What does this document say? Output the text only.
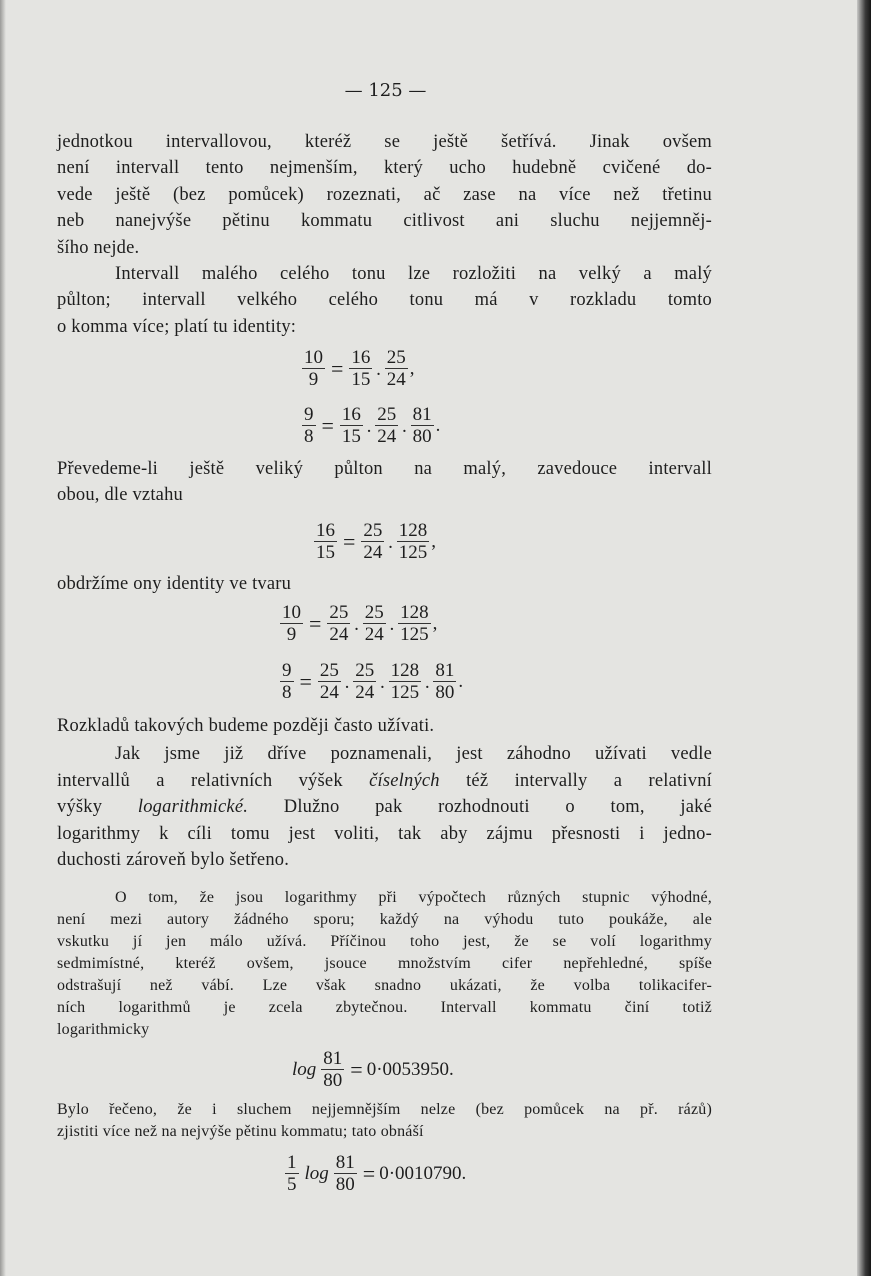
— 125 —
jednotkou intervallovou, kteréž se ještě šetřívá. Jinak ovšem
není intervall tento nejmenším, který ucho hudebně cvičené do-
vede ještě (bez pomůcek) rozeznati, ač zase na více než třetinu
neb nanejvýše pětinu kommatu citlivost ani sluchu nejjemněj-
šího nejde.
Intervall malého celého tonu lze rozložiti na velký a malý
půlton; intervall velkého celého tonu má v rozkladu tomto
o komma více; platí tu identity:
$\frac{10}{9} = \frac{16}{15} \cdot \frac{25}{24}$ ,
$\frac{9}{8} = \frac{16}{15} \cdot \frac{25}{24} \cdot \frac{81}{80}$ .
Převedeme-li ještě veliký půlton na malý, zavedouce intervall
obou, dle vztahu
$\frac{16}{15} = \frac{25}{24} \cdot \frac{128}{125}$ ,
obdržíme ony identity ve tvaru
$\frac{10}{9} = \frac{25}{24} \cdot \frac{25}{24} \cdot \frac{128}{125}$ ,
$\frac{9}{8} = \frac{25}{24} \cdot \frac{25}{24} \cdot \frac{128}{125} \cdot \frac{81}{80}$ .
Rozkladů takových budeme později často užívati.
Jak jsme již dříve poznamenali, jest záhodno užívati vedle
intervallů a relativních výšek číselných též intervally a relativní
výšky logarithmické. Dlužno pak rozhodnouti o tom, jaké
logarithmy k cíli tomu jest voliti, tak aby zájmu přesnosti i jedno-
duchosti zároveň bylo šetřeno.
O tom, že jsou logarithmy při výpočtech různých stupnic výhodné,
není mezi autory žádného sporu; každý na výhodu tuto poukáže, ale
vskutku jí jen málo užívá. Příčinou toho jest, že se volí logarithmy
sedmimístné, kteréž ovšem, jsouce množstvím cifer nepřehledné, spíše
odstrašují než vábí. Lze však snadno ukázati, že volba tolikacifer-
ních logarithmů je zcela zbytečnou. Intervall kommatu činí totiž
logarithmicky
$\log \frac{81}{80} = 0\cdot 0053950$.
Bylo řečeno, že i sluchem nejjemnějším nelze (bez pomůcek na př. rázů)
zjistiti více než na nejvýše pětinu kommatu; tato obnáší
$\frac{1}{5}$ $\log \frac{81}{80} = 0\cdot 0010790$.
